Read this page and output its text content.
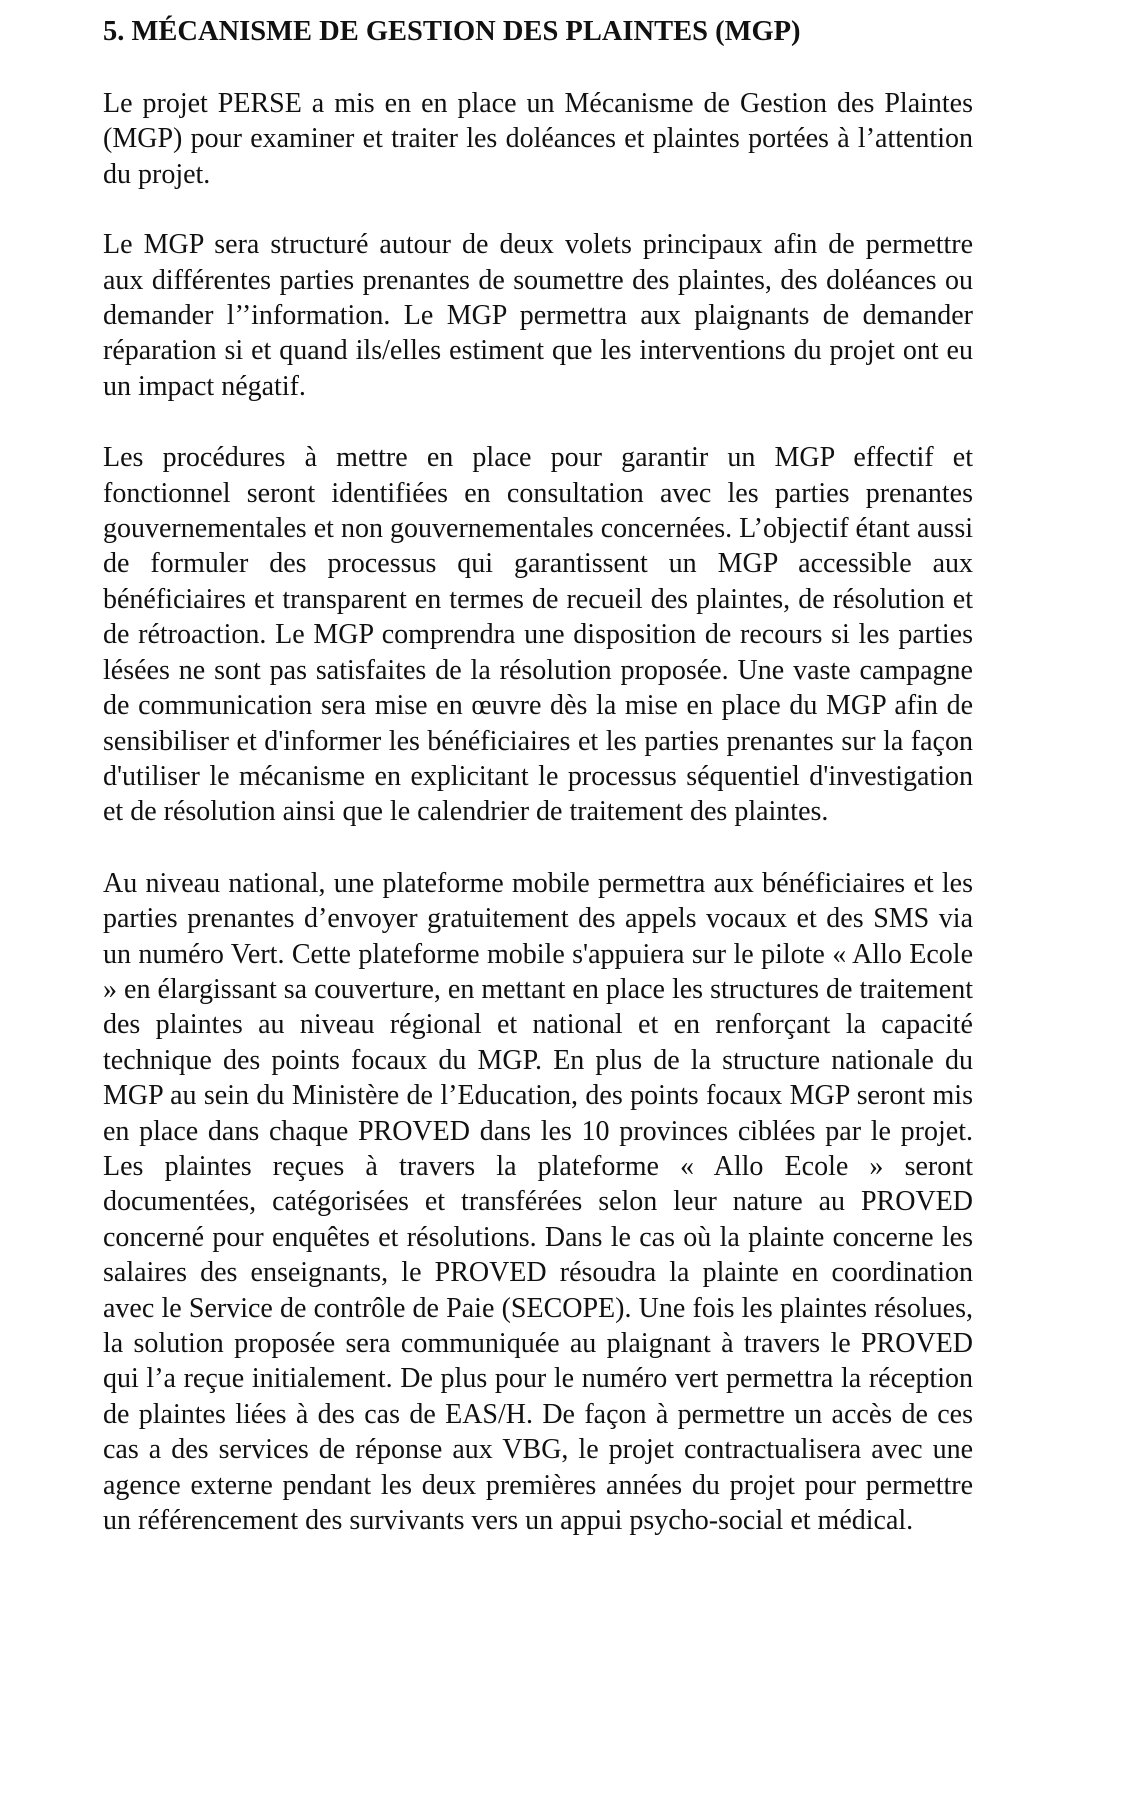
5. MÉCANISME DE GESTION DES PLAINTES (MGP)

Le projet PERSE a mis en en place un Mécanisme de Gestion des Plaintes (MGP) pour examiner et traiter les doléances et plaintes portées à l’attention du projet.

Le MGP sera structuré autour de deux volets principaux afin de permettre aux différentes parties prenantes de soumettre des plaintes, des doléances ou demander l’’information. Le MGP permettra aux plaignants de demander réparation si et quand ils/elles estiment que les interventions du projet ont eu un impact négatif.

Les procédures à mettre en place pour garantir un MGP effectif et fonctionnel seront identifiées en consultation avec les parties prenantes gouvernementales et non gouvernementales concernées. L’objectif étant aussi de formuler des processus qui garantissent un MGP accessible aux bénéficiaires et transparent en termes de recueil des plaintes, de résolution et de rétroaction. Le MGP comprendra une disposition de recours si les parties lésées ne sont pas satisfaites de la résolution proposée. Une vaste campagne de communication sera mise en œuvre dès la mise en place du MGP afin de sensibiliser et d'informer les bénéficiaires et les parties prenantes sur la façon d'utiliser le mécanisme en explicitant le processus séquentiel d'investigation et de résolution ainsi que le calendrier de traitement des plaintes.

Au niveau national, une plateforme mobile permettra aux bénéficiaires et les parties prenantes d’envoyer gratuitement des appels vocaux et des SMS via un numéro Vert. Cette plateforme mobile s'appuiera sur le pilote « Allo Ecole » en élargissant sa couverture, en mettant en place les structures de traitement des plaintes au niveau régional et national et en renforçant la capacité technique des points focaux du MGP. En plus de la structure nationale du MGP au sein du Ministère de l’Education, des points focaux MGP seront mis en place dans chaque PROVED dans les 10 provinces ciblées par le projet. Les plaintes reçues à travers la plateforme « Allo Ecole » seront documentées, catégorisées et transférées selon leur nature au PROVED concerné pour enquêtes et résolutions. Dans le cas où la plainte concerne les salaires des enseignants, le PROVED résoudra la plainte en coordination avec le Service de contrôle de Paie (SECOPE). Une fois les plaintes résolues, la solution proposée sera communiquée au plaignant à travers le PROVED qui l’a reçue initialement. De plus pour le numéro vert permettra la réception de plaintes liées à des cas de EAS/H. De façon à permettre un accès de ces cas a des services de réponse aux VBG, le projet contractualisera avec une agence externe pendant les deux premières années du projet pour permettre un référencement des survivants vers un appui psycho-social et médical.
